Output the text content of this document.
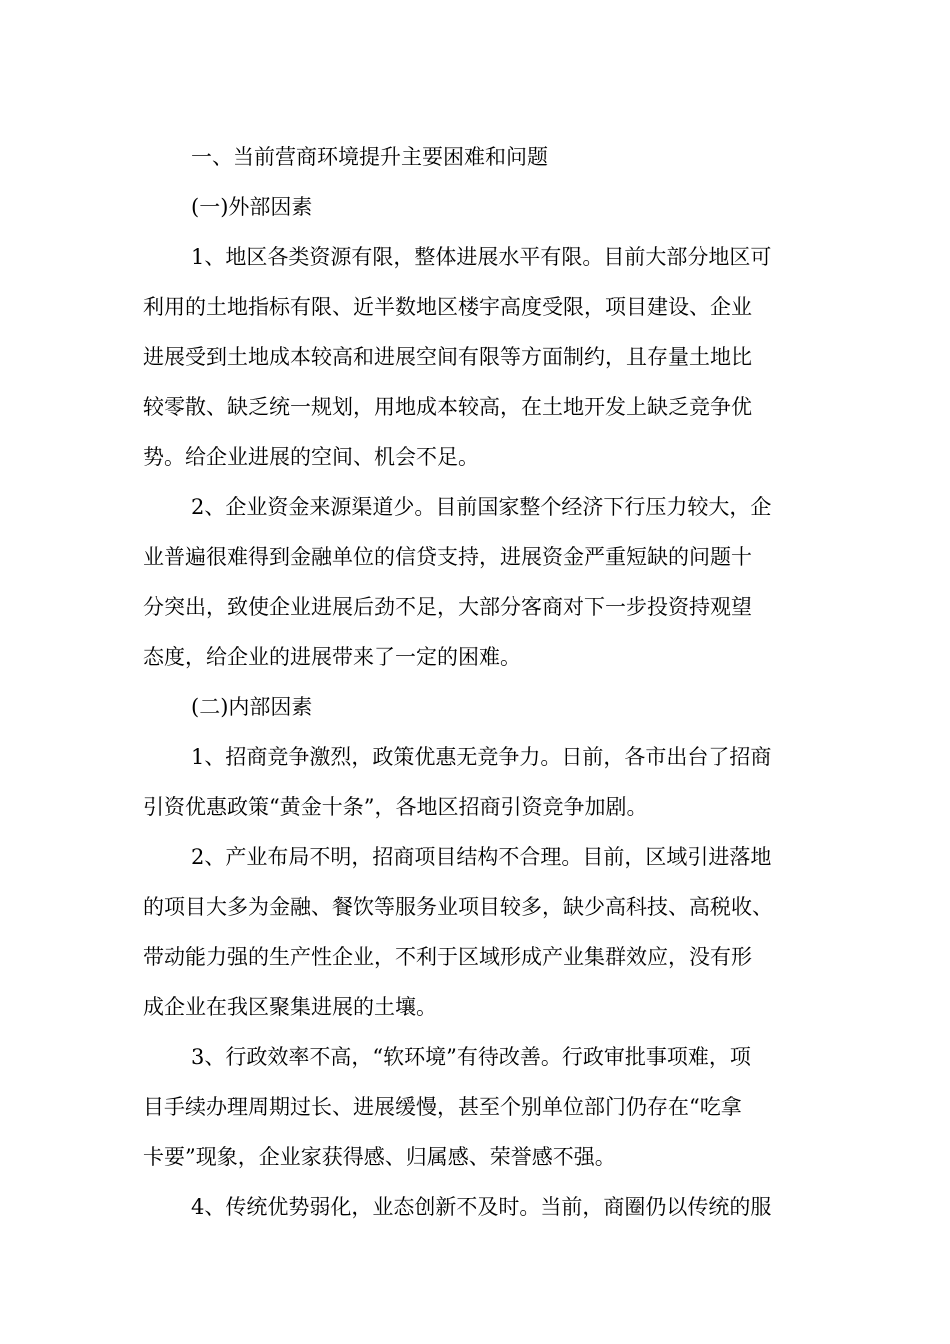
一、当前营商环境提升主要困难和问题
(一)外部因素
1、地区各类资源有限，整体进展水平有限。目前大部分地区可
利用的土地指标有限、近半数地区楼宇高度受限，项目建设、企业
进展受到土地成本较高和进展空间有限等方面制约，且存量土地比
较零散、缺乏统一规划，用地成本较高，在土地开发上缺乏竞争优
势。给企业进展的空间、机会不足。
2、企业资金来源渠道少。目前国家整个经济下行压力较大，企
业普遍很难得到金融单位的信贷支持，进展资金严重短缺的问题十
分突出，致使企业进展后劲不足，大部分客商对下一步投资持观望
态度，给企业的进展带来了一定的困难。
(二)内部因素
1、招商竞争激烈，政策优惠无竞争力。日前，各市出台了招商
引资优惠政策“黄金十条”，各地区招商引资竞争加剧。
2、产业布局不明，招商项目结构不合理。目前，区域引进落地
的项目大多为金融、餐饮等服务业项目较多，缺少高科技、高税收、
带动能力强的生产性企业，不利于区域形成产业集群效应，没有形
成企业在我区聚集进展的土壤。
3、行政效率不高，“软环境”有待改善。行政审批事项难，项
目手续办理周期过长、进展缓慢，甚至个别单位部门仍存在“吃拿
卡要”现象，企业家获得感、归属感、荣誉感不强。
4、传统优势弱化，业态创新不及时。当前，商圈仍以传统的服
